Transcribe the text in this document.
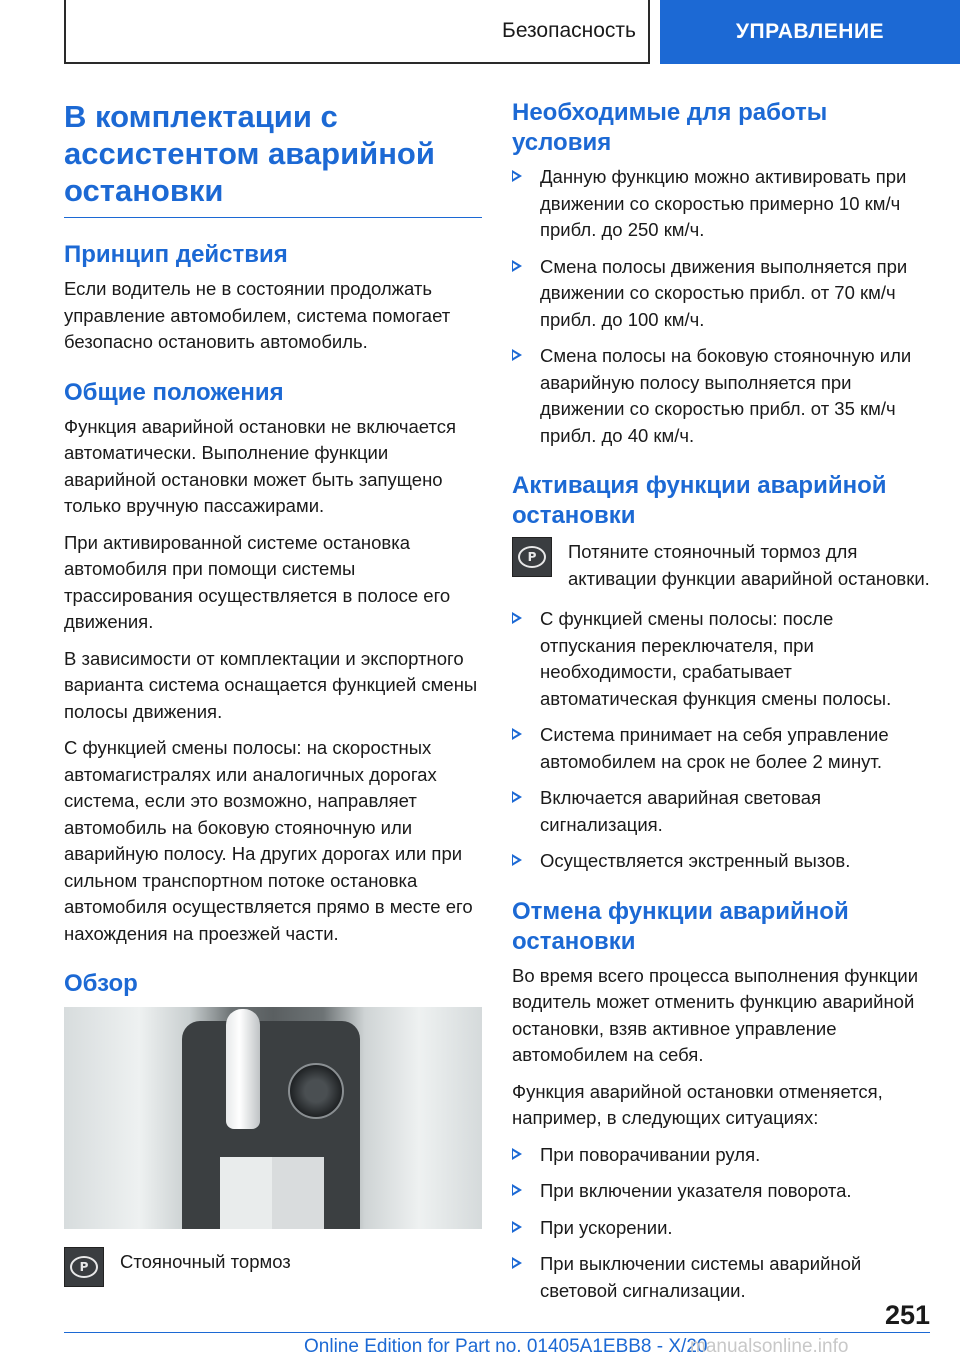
Безопасность	УПРАВЛЕНИЕ
В комплектации с ассистентом аварийной остановки
Принцип действия

Если водитель не в состоянии продолжать управление автомобилем, система помогает безопасно остановить автомобиль.

Общие положения

Функция аварийной остановки не включается автоматически. Выполнение функции аварийной остановки может быть запущено только вручную пассажирами.

При активированной системе остановка автомобиля при помощи системы трассирования осуществляется в полосе его движения.

В зависимости от комплектации и экспортного варианта система оснащается функцией смены полосы движения.

С функцией смены полосы: на скоростных автомагистралях или аналогичных дорогах система, если это возможно, направляет автомобиль на боковую стояночную или аварийную полосу. На других дорогах или при сильном транспортном потоке остановка автомобиля осуществляется прямо в месте его нахождения на проезжей части.

Обзор
P	Стояночный тормоз
Необходимые для работы условия
Данную функцию можно активировать при движении со скоростью примерно 10 км/ч прибл. до 250 км/ч.
Смена полосы движения выполняется при движении со скоростью прибл. от 70 км/ч прибл. до 100 км/ч.
Смена полосы на боковую стояночную или аварийную полосу выполняется при движении со скоростью прибл. от 35 км/ч прибл. до 40 км/ч.
Активация функции аварийной остановки
P	Потяните стояночный тормоз для активации функции аварийной остановки.
С функцией смены полосы: после отпускания переключателя, при необходимости, срабатывает автоматическая функция смены полосы.
Система принимает на себя управление автомобилем на срок не более 2 минут.
Включается аварийная световая сигнализация.
Осуществляется экстренный вызов.
Отмена функции аварийной остановки

Во время всего процесса выполнения функции водитель может отменить функцию аварийной остановки, взяв активное управление автомобилем на себя.

Функция аварийной остановки отменяется, например, в следующих ситуациях:

При поворачивании руля.
При включении указателя поворота.
При ускорении.
При выключении системы аварийной световой сигнализации.
251
Online Edition for Part no. 01405A1EBB8 - X/20
manualsonline.info
